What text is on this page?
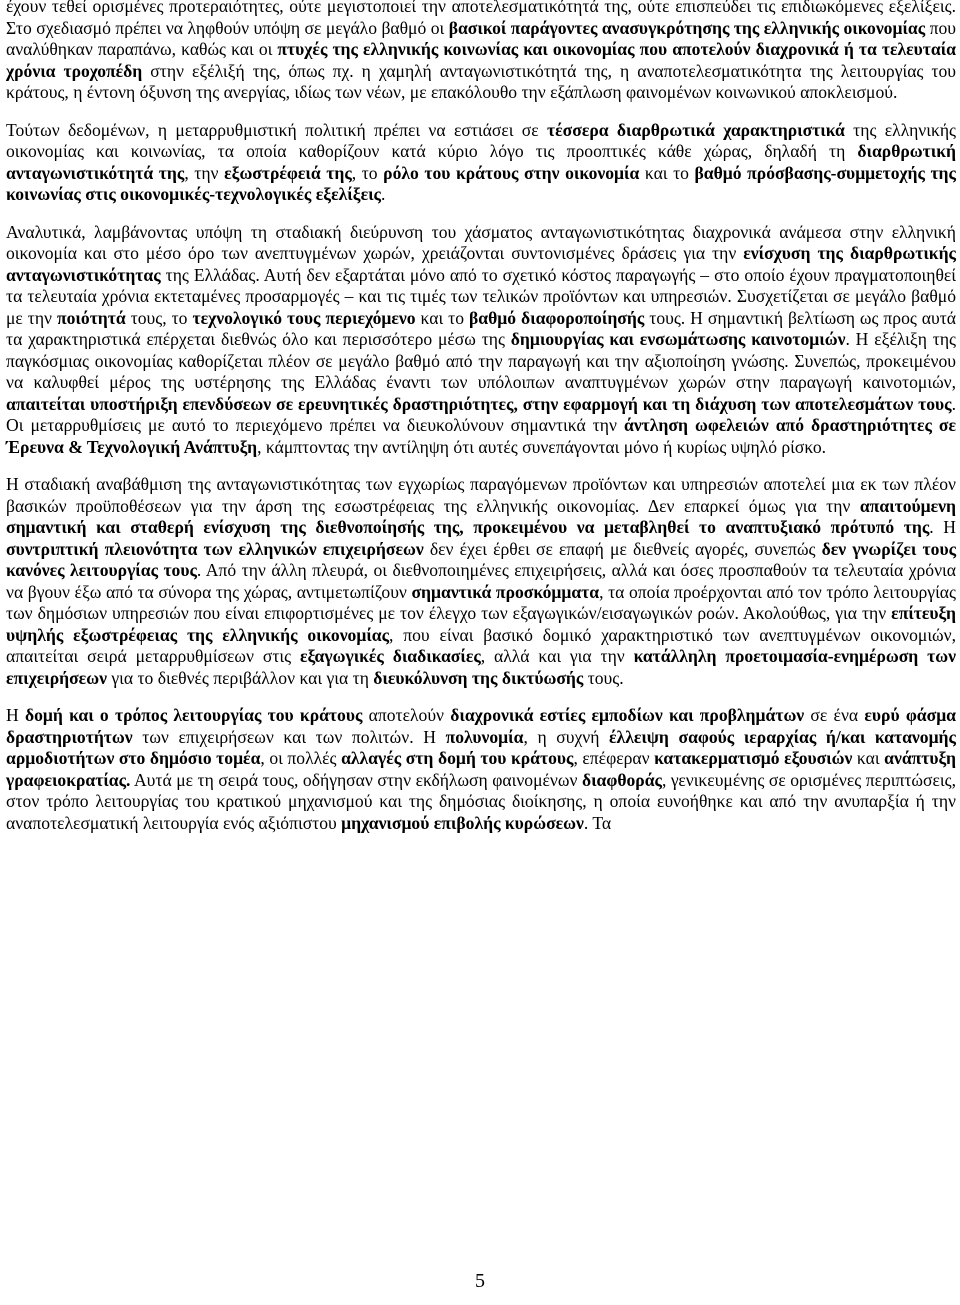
έχουν τεθεί ορισμένες προτεραιότητες, ούτε μεγιστοποιεί την αποτελεσματικότητά της, ούτε επισπεύδει τις επιδιωκόμενες εξελίξεις. Στο σχεδιασμό πρέπει να ληφθούν υπόψη σε μεγάλο βαθμό οι βασικοί παράγοντες ανασυγκρότησης της ελληνικής οικονομίας που αναλύθηκαν παραπάνω, καθώς και οι πτυχές της ελληνικής κοινωνίας και οικονομίας που αποτελούν διαχρονικά ή τα τελευταία χρόνια τροχοπέδη στην εξέλιξή της, όπως πχ. η χαμηλή ανταγωνιστικότητά της, η αναποτελεσματικότητα της λειτουργίας του κράτους, η έντονη όξυνση της ανεργίας, ιδίως των νέων, με επακόλουθο την εξάπλωση φαινομένων κοινωνικού αποκλεισμού.

Τούτων δεδομένων, η μεταρρυθμιστική πολιτική πρέπει να εστιάσει σε τέσσερα διαρθρωτικά χαρακτηριστικά της ελληνικής οικονομίας και κοινωνίας, τα οποία καθορίζουν κατά κύριο λόγο τις προοπτικές κάθε χώρας, δηλαδή τη διαρθρωτική ανταγωνιστικότητά της, την εξωστρέφειά της, το ρόλο του κράτους στην οικονομία και το βαθμό πρόσβασης-συμμετοχής της κοινωνίας στις οικονομικές-τεχνολογικές εξελίξεις.

Αναλυτικά, λαμβάνοντας υπόψη τη σταδιακή διεύρυνση του χάσματος ανταγωνιστικότητας διαχρονικά ανάμεσα στην ελληνική οικονομία και στο μέσο όρο των ανεπτυγμένων χωρών, χρειάζονται συντονισμένες δράσεις για την ενίσχυση της διαρθρωτικής ανταγωνιστικότητας της Ελλάδας. Αυτή δεν εξαρτάται μόνο από το σχετικό κόστος παραγωγής – στο οποίο έχουν πραγματοποιηθεί τα τελευταία χρόνια εκτεταμένες προσαρμογές – και τις τιμές των τελικών προϊόντων και υπηρεσιών. Συσχετίζεται σε μεγάλο βαθμό με την ποιότητά τους, το τεχνολογικό τους περιεχόμενο και το βαθμό διαφοροποίησής τους. Η σημαντική βελτίωση ως προς αυτά τα χαρακτηριστικά επέρχεται διεθνώς όλο και περισσότερο μέσω της δημιουργίας και ενσωμάτωσης καινοτομιών. Η εξέλιξη της παγκόσμιας οικονομίας καθορίζεται πλέον σε μεγάλο βαθμό από την παραγωγή και την αξιοποίηση γνώσης. Συνεπώς, προκειμένου να καλυφθεί μέρος της υστέρησης της Ελλάδας έναντι των υπόλοιπων αναπτυγμένων χωρών στην παραγωγή καινοτομιών, απαιτείται υποστήριξη επενδύσεων σε ερευνητικές δραστηριότητες, στην εφαρμογή και τη διάχυση των αποτελεσμάτων τους. Οι μεταρρυθμίσεις με αυτό το περιεχόμενο πρέπει να διευκολύνουν σημαντικά την άντληση ωφελειών από δραστηριότητες σε Έρευνα & Τεχνολογική Ανάπτυξη, κάμπτοντας την αντίληψη ότι αυτές συνεπάγονται μόνο ή κυρίως υψηλό ρίσκο.

Η σταδιακή αναβάθμιση της ανταγωνιστικότητας των εγχωρίως παραγόμενων προϊόντων και υπηρεσιών αποτελεί μια εκ των πλέον βασικών προϋποθέσεων για την άρση της εσωστρέφειας της ελληνικής οικονομίας. Δεν επαρκεί όμως για την απαιτούμενη σημαντική και σταθερή ενίσχυση της διεθνοποίησής της, προκειμένου να μεταβληθεί το αναπτυξιακό πρότυπό της. Η συντριπτική πλειονότητα των ελληνικών επιχειρήσεων δεν έχει έρθει σε επαφή με διεθνείς αγορές, συνεπώς δεν γνωρίζει τους κανόνες λειτουργίας τους. Από την άλλη πλευρά, οι διεθνοποιημένες επιχειρήσεις, αλλά και όσες προσπαθούν τα τελευταία χρόνια να βγουν έξω από τα σύνορα της χώρας, αντιμετωπίζουν σημαντικά προσκόμματα, τα οποία προέρχονται από τον τρόπο λειτουργίας των δημόσιων υπηρεσιών που είναι επιφορτισμένες με τον έλεγχο των εξαγωγικών/εισαγωγικών ροών. Ακολούθως, για την επίτευξη υψηλής εξωστρέφειας της ελληνικής οικονομίας, που είναι βασικό δομικό χαρακτηριστικό των ανεπτυγμένων οικονομιών, απαιτείται σειρά μεταρρυθμίσεων στις εξαγωγικές διαδικασίες, αλλά και για την κατάλληλη προετοιμασία-ενημέρωση των επιχειρήσεων για το διεθνές περιβάλλον και για τη διευκόλυνση της δικτύωσής τους.

Η δομή και ο τρόπος λειτουργίας του κράτους αποτελούν διαχρονικά εστίες εμποδίων και προβλημάτων σε ένα ευρύ φάσμα δραστηριοτήτων των επιχειρήσεων και των πολιτών. Η πολυνομία, η συχνή έλλειψη σαφούς ιεραρχίας ή/και κατανομής αρμοδιοτήτων στο δημόσιο τομέα, οι πολλές αλλαγές στη δομή του κράτους, επέφεραν κατακερματισμό εξουσιών και ανάπτυξη γραφειοκρατίας. Αυτά με τη σειρά τους, οδήγησαν στην εκδήλωση φαινομένων διαφθοράς, γενικευμένης σε ορισμένες περιπτώσεις, στον τρόπο λειτουργίας του κρατικού μηχανισμού και της δημόσιας διοίκησης, η οποία ευνοήθηκε και από την ανυπαρξία ή την αναποτελεσματική λειτουργία ενός αξιόπιστου μηχανισμού επιβολής κυρώσεων. Τα

5
